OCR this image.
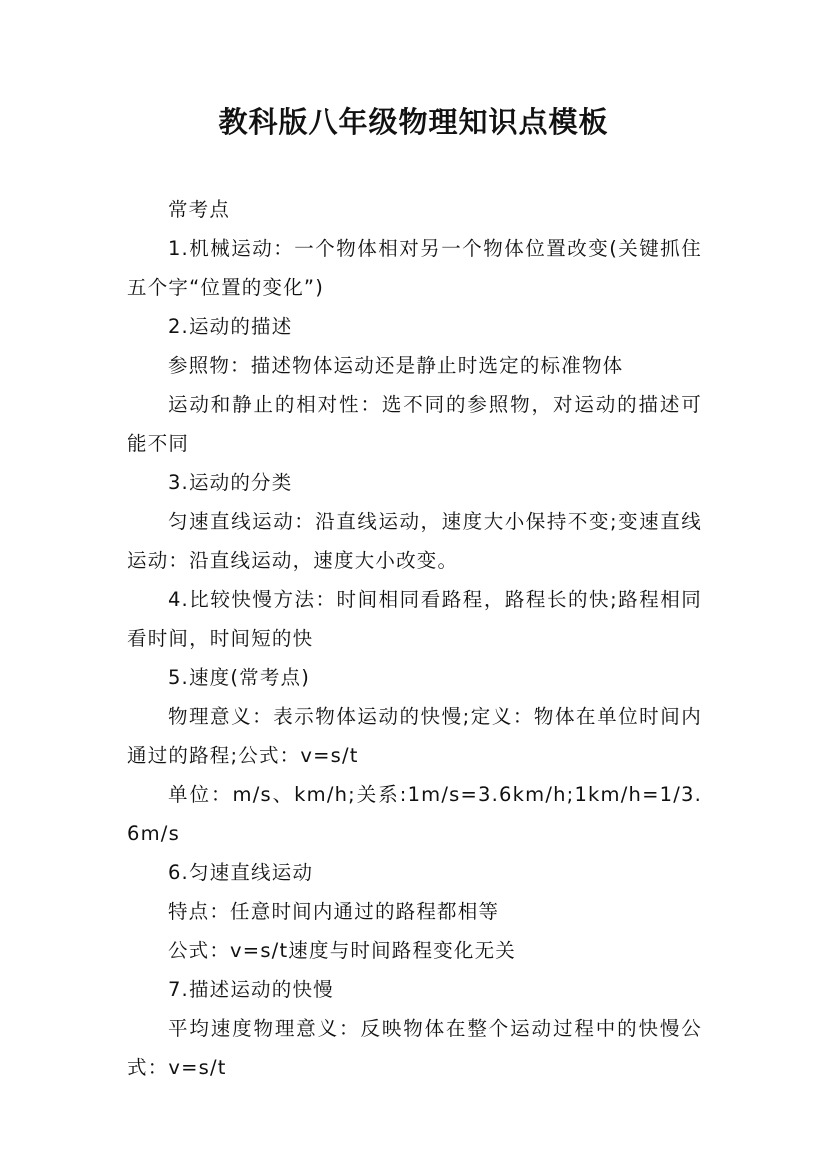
教科版八年级物理知识点模板

常考点

1.机械运动：一个物体相对另一个物体位置改变(关键抓住五个字“位置的变化”)

2.运动的描述

参照物：描述物体运动还是静止时选定的标准物体

运动和静止的相对性：选不同的参照物，对运动的描述可能不同

3.运动的分类

匀速直线运动：沿直线运动，速度大小保持不变;变速直线运动：沿直线运动，速度大小改变。

4.比较快慢方法：时间相同看路程，路程长的快;路程相同看时间，时间短的快

5.速度(常考点)

物理意义：表示物体运动的快慢;定义：物体在单位时间内通过的路程;公式：v=s/t

单位：m/s、km/h;关系:1m/s=3.6km/h;1km/h=1/3.6m/s

6.匀速直线运动

特点：任意时间内通过的路程都相等

公式：v=s/t速度与时间路程变化无关

7.描述运动的快慢

平均速度物理意义：反映物体在整个运动过程中的快慢公式：v=s/t
